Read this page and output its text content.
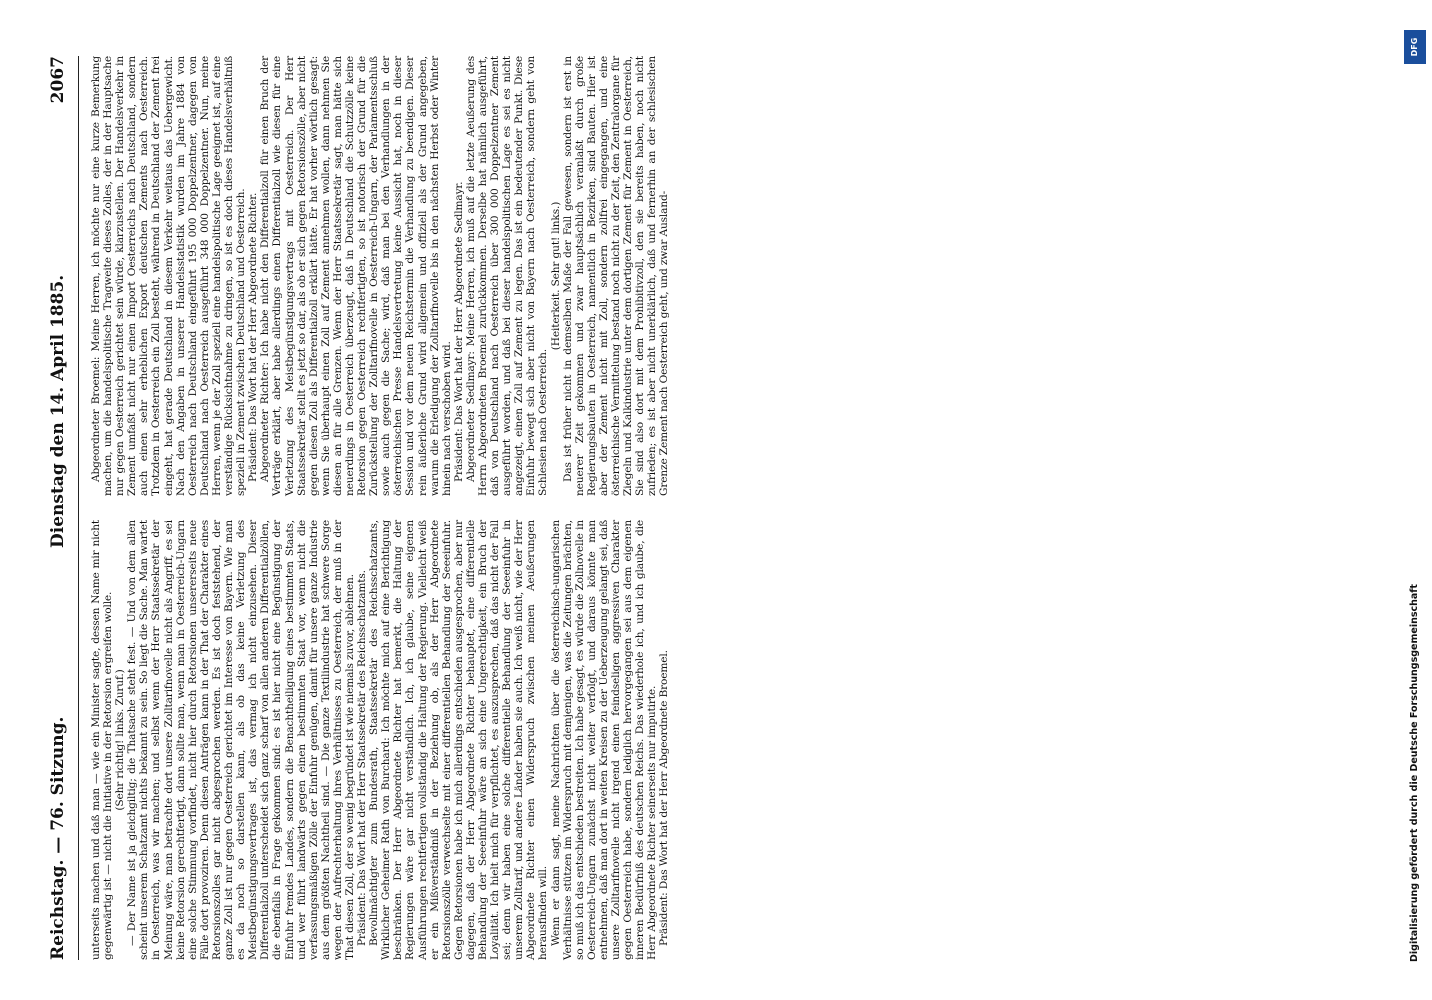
Reichstag. — 76. Sitzung.
Dienstag den 14. April 1885.
2067

unterseits machen und daß man — wie ein Minister sagte, dessen Name mir nicht gegenwärtig ist — nicht die Initiative in der Retorsion ergreifen wolle. (Sehr richtig! links. Zuruf.) — Der Name ist ja gleichgiltig; die Thatsache steht fest. — Und von dem allen scheint unserem Schatzamt nichts bekannt zu sein. So liegt die Sache. Man wartet in Oesterreich, was wir machen; und selbst wenn der Herr Staatssekretär der Meinung wäre, man betrachte dort unsere Zolltarifnovelle nicht als Angriff, es sei keine Retorsion gerechtfertigt, dann sollte man, wenn man in Oesterreich-Ungarn eine solche Stimmung vorfindet, nicht hier durch Retorsionen unsererseits neue Fälle dort provoziren. Denn diesen Anträgen kann in der That der Charakter eines Retorsionszolles gar nicht abgesprochen werden. Es ist doch feststehend, der ganze Zoll ist nur gegen Oesterreich gerichtet im Interesse von Bayern. Wie man es da noch so darstellen kann, als ob das keine Verletzung des Meistbegünstigungsvertrages ist, das vermag ich nicht einzusehen. Dieser Differentialzoll unterscheidet sich ganz scharf von allen anderen Differentialzöllen, die ebenfalls in Frage gekommen sind: es ist hier nicht eine Begünstigung der Einfuhr fremdes Landes, sondern die Benachtheiligung eines bestimmten Staats, und wer führt landwärts gegen einen bestimmten Staat vor, wenn nicht die verfassungsmäßigen Zölle der Einfuhr genügen, damit für unsere ganze Industrie aus dem größten Nachtheil sind. — Die ganze Textilindustrie hat schwere Sorge wegen der Aufrechterhaltung ihres Verhältnisses zu Oesterreich, der muß in der That diesen Zoll, der so wenig begründet ist wie niemals zuvor, ablehnen. Präsident: Das Wort hat der Herr Staatssekretär des Reichsschatzamts. Bevollmächtigter zum Bundesrath, Staatssekretär des Reichsschatzamts, Wirklicher Geheimer Rath von Burchard: Ich möchte mich auf eine Berichtigung beschränken. Der Herr Abgeordnete Richter hat bemerkt, die Haltung der Regierungen wäre gar nicht verständlich. Ich, ich glaube, seine eigenen Ausführungen rechtfertigen vollständig die Haltung der Regierung. Vielleicht weiß er ein Mißverständniß in der Beziehung ob, als der Herr Abgeordnete Retorsionszölle verwechselte mit einer differentiellen Behandlung der Seeeinfuhr. Gegen Retorsionen habe ich mich allerdings entschieden ausgesprochen, aber nur dagegen, daß der Herr Abgeordnete Richter behauptet, eine differentielle Behandlung der Seeeinfuhr wäre an sich eine Ungerechtigkeit, ein Bruch der Loyalität. Ich hielt mich für verpflichtet, es auszusprechen, daß das nicht der Fall sei; denn wir haben eine solche differentielle Behandlung der Seeeinfuhr in unserem Zolltarif, und andere Länder haben sie auch. Ich weiß nicht, wie der Herr Abgeordnete Richter einen Widerspruch zwischen meinen Aeußerungen herausfinden will. Wenn er dann sagt, meine Nachrichten über die österreichisch-ungarischen Verhältnisse stützen im Widerspruch mit demjenigen, was die Zeitungen brächten, so muß ich das entschieden bestreiten. Ich habe gesagt, es würde die Zollnovelle in Oesterreich-Ungarn zunächst nicht weiter verfolgt, und daraus könnte man entnehmen, daß man dort in weiten Kreisen zu der Ueberzeugung gelangt sei, daß unsere Zolltarifnovelle nicht irgend einen feindseligen aggressiven Charakter gegen Oesterreich habe, sondern lediglich hervorgegangen sei aus dem eigenen inneren Bedürfniß des deutschen Reichs. Das wiederhole ich, und ich glaube, die Herr Abgeordnete Richter seinerseits nur imputirte. Präsident: Das Wort hat der Herr Abgeordnete Broemel.

Abgeordneter Broemel: Meine Herren, ich möchte nur eine kurze Bemerkung machen, um die handelspolitische Tragweite dieses Zolles, der in der Hauptsache nur gegen Oesterreich gerichtet sein würde, klarzustellen. Der Handelsverkehr in Zement umfaßt nicht nur einen Import Oesterreichs nach Deutschland, sondern auch einen sehr erheblichen Export deutschen Zements nach Oesterreich. Trotzdem in Oesterreich ein Zoll besteht, während in Deutschland der Zement frei eingeht, hat gerade Deutschland in diesem Verkehr weitaus das Uebergewicht. Nach den Angaben in unserer Handelsstatistik wurden im Jahre 1884 von Oesterreich nach Deutschland eingeführt 195 000 Doppelzentner, dagegen von Deutschland nach Oesterreich ausgeführt 348 000 Doppelzentner. Nun, meine Herren, wenn je der Zoll speziell eine handelspolitische Lage geeignet ist, auf eine verständige Rücksichtnahme zu dringen, so ist es doch dieses Handelsverhältniß speziell in Zement zwischen Deutschland und Oesterreich. Präsident: Das Wort hat der Herr Abgeordnete Richter. Abgeordneter Richter: Ich habe nicht den Differentialzoll für einen Bruch der Verträge erklärt, aber habe allerdings einen Differentialzoll wie diesen für eine Verletzung des Meistbegünstigungsvertrags mit Oesterreich. Der Herr Staatssekretär stellt es jetzt so dar, als ob er sich gegen Retorsionszölle, aber nicht gegen diesen Zoll als Differentialzoll erklärt hätte. Er hat vorher wörtlich gesagt: wenn Sie überhaupt einen Zoll auf Zement annehmen wollen, dann nehmen Sie diesen an für alle Grenzen. Wenn der Herr Staatssekretär sagt, man hätte sich neuerdings in Oesterreich überzeugt, daß in Deutschland die Schutzzölle keine Retorsion gegen Oesterreich rechtfertigten, so ist notorisch der Grund für die Zurückstellung der Zolltarifnovelle in Oesterreich-Ungarn, der Parlamentsschluß sowie auch gegen die Sache; wird, daß man bei den Verhandlungen in der österreichischen Presse Handelsvertretung keine Aussicht hat, noch in dieser Session und vor dem neuen Reichstermin die Verhandlung zu beendigen. Dieser rein äußerliche Grund wird allgemein und offiziell als der Grund angegeben, warum die Erledigung der Zolltarifnovelle bis in den nächsten Herbst oder Winter hinein nach verschoben wird. Präsident: Das Wort hat der Herr Abgeordnete Sedlmayr. Abgeordneter Sedlmayr: Meine Herren, ich muß auf die letzte Aeußerung des Herrn Abgeordneten Broemel zurückkommen. Derselbe hat nämlich ausgeführt, daß von Deutschland nach Oesterreich über 300 000 Doppelzentner Zement ausgeführt worden, und daß bei dieser handelspolitischen Lage es sei es nicht angezeigt, einen Zoll auf Zement zu legen. Das ist ein bedeutender Punkt. Diese Einfuhr bewegt sich aber nicht von Bayern nach Oesterreich, sondern geht von Schlesien nach Oesterreich.

(Heiterkeit. Sehr gut! links.) Das ist früher nicht in demselben Maße der Fall gewesen, sondern ist erst in neuerer Zeit gekommen und zwar hauptsächlich veranlaßt durch große Regierungsbauten in Oesterreich, namentlich in Bezirken, sind Bauten. Hier ist aber der Zement nicht mit Zoll, sondern zollfrei eingegangen, und eine österreichische Vermittelung bestand noch nicht zu der Zeit, den Zentralorgane für Ziegeln und Kalkindustrie unter dem dortigen Zement für Zement in Oesterreich, Sie sind also dort mit dem Prohibitivzoll, den sie bereits haben, noch nicht zufrieden; es ist aber nicht unerklärlich, daß und fernerhin an der schlesischen Grenze Zement nach Oesterreich geht, und zwar Ausland-

DFG
Digitalisierung gefördert durch die Deutsche Forschungsgemeinschaft
